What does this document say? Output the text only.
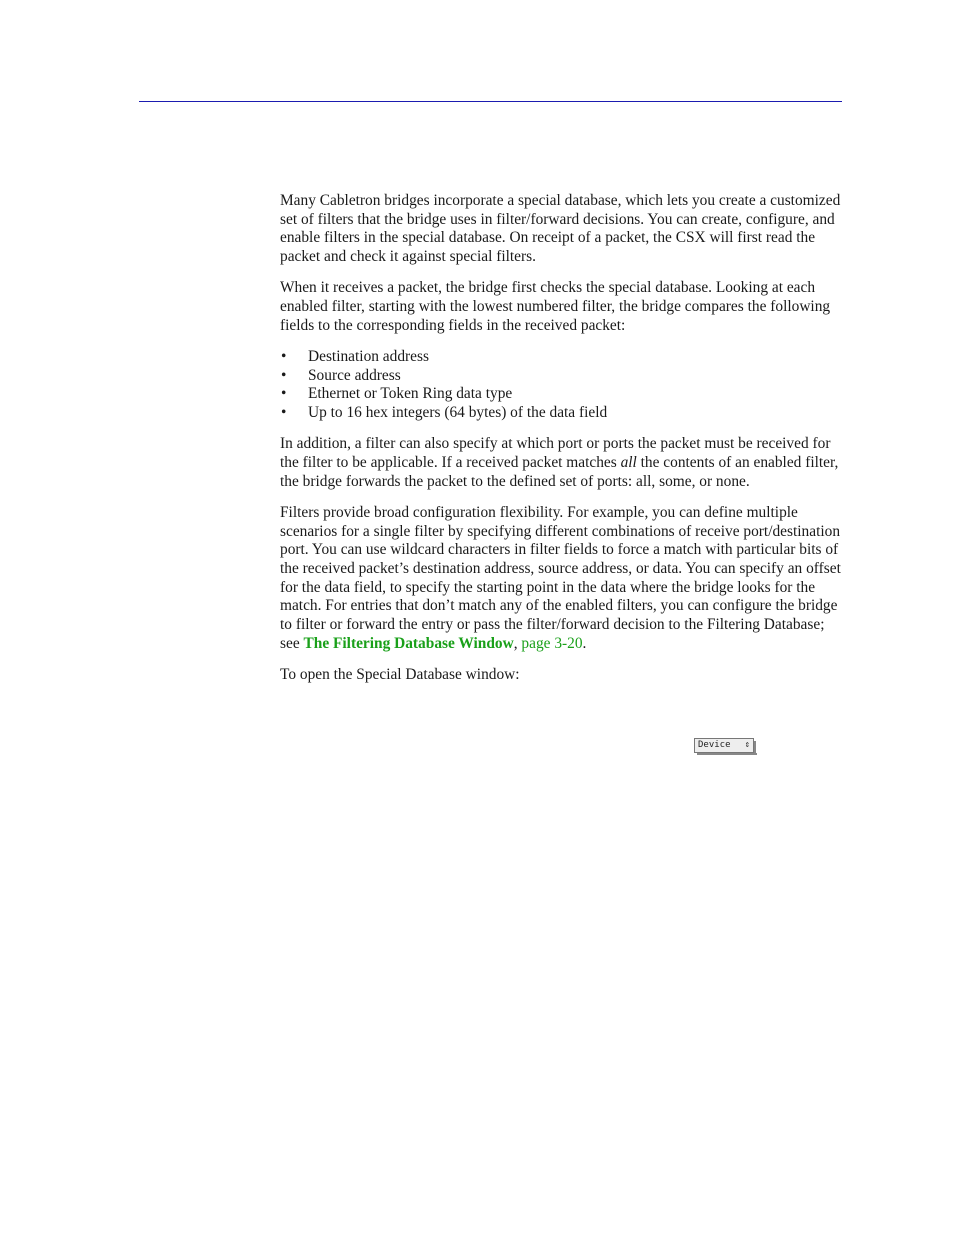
Many Cabletron bridges incorporate a special database, which lets you create a customized set of filters that the bridge uses in filter/forward decisions. You can create, configure, and enable filters in the special database. On receipt of a packet, the CSX will first read the packet and check it against special filters.

When it receives a packet, the bridge first checks the special database. Looking at each enabled filter, starting with the lowest numbered filter, the bridge compares the following fields to the corresponding fields in the received packet:

• Destination address
• Source address
• Ethernet or Token Ring data type
• Up to 16 hex integers (64 bytes) of the data field

In addition, a filter can also specify at which port or ports the packet must be received for the filter to be applicable. If a received packet matches all the contents of an enabled filter, the bridge forwards the packet to the defined set of ports: all, some, or none.

Filters provide broad configuration flexibility. For example, you can define multiple scenarios for a single filter by specifying different combinations of receive port/destination port. You can use wildcard characters in filter fields to force a match with particular bits of the received packet’s destination address, source address, or data. You can specify an offset for the data field, to specify the starting point in the data where the bridge looks for the match. For entries that don’t match any of the enabled filters, you can configure the bridge to filter or forward the entry or pass the filter/forward decision to the Filtering Database; see The Filtering Database Window, page 3-20.

To open the Special Database window:

Device ⇕
